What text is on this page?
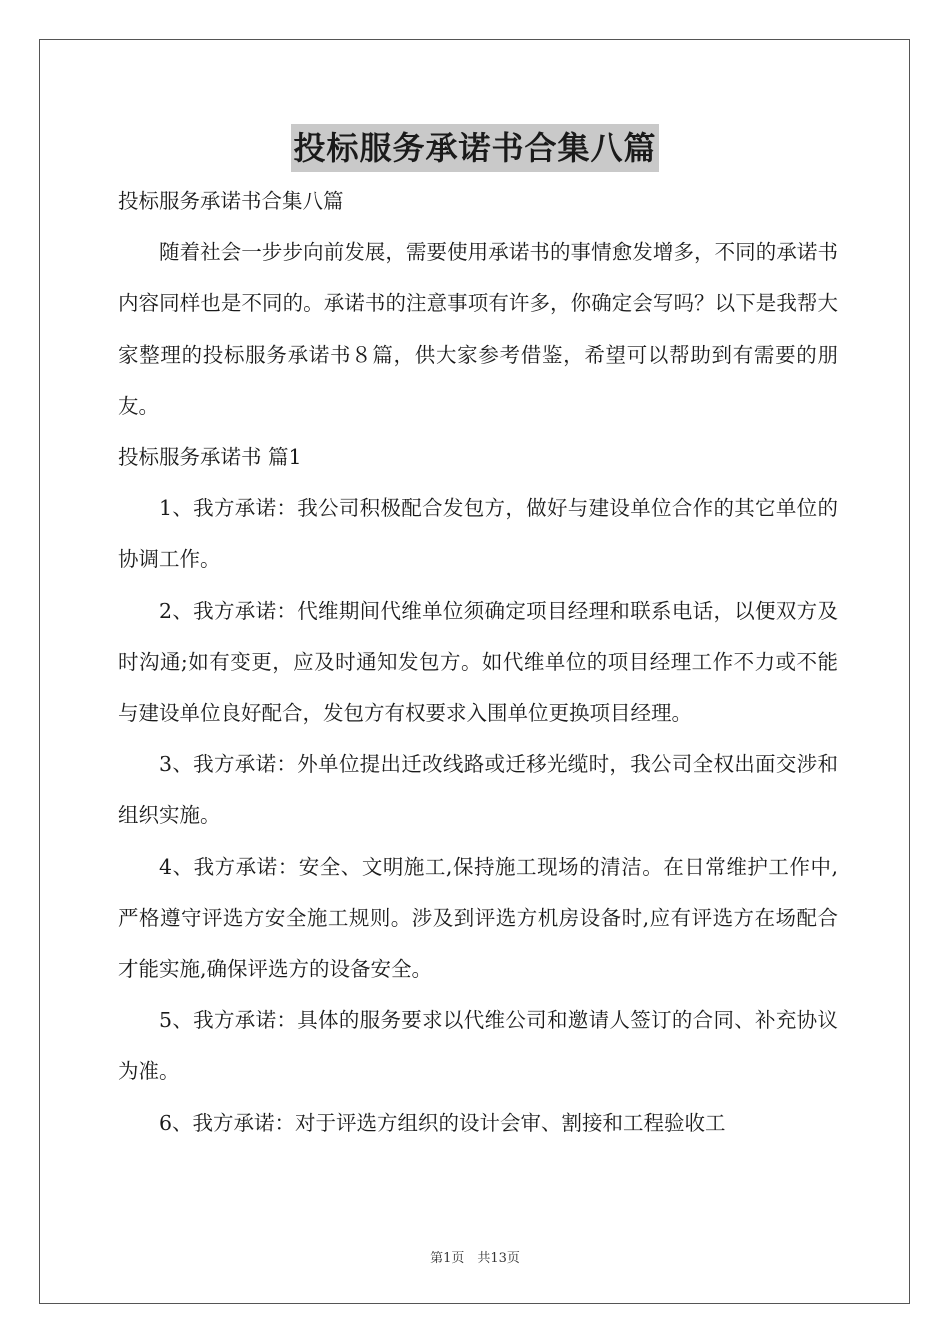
投标服务承诺书合集八篇

投标服务承诺书合集八篇

随着社会一步步向前发展，需要使用承诺书的事情愈发增多，不同的承诺书内容同样也是不同的。承诺书的注意事项有许多，你确定会写吗？以下是我帮大家整理的投标服务承诺书８篇，供大家参考借鉴，希望可以帮助到有需要的朋友。

投标服务承诺书 篇1

1、我方承诺：我公司积极配合发包方，做好与建设单位合作的其它单位的协调工作。

2、我方承诺：代维期间代维单位须确定项目经理和联系电话，以便双方及时沟通;如有变更，应及时通知发包方。如代维单位的项目经理工作不力或不能与建设单位良好配合，发包方有权要求入围单位更换项目经理。

3、我方承诺：外单位提出迁改线路或迁移光缆时，我公司全权出面交涉和组织实施。

4、我方承诺：安全、文明施工,保持施工现场的清洁。在日常维护工作中,严格遵守评选方安全施工规则。涉及到评选方机房设备时,应有评选方在场配合才能实施,确保评选方的设备安全。

5、我方承诺：具体的服务要求以代维公司和邀请人签订的合同、补充协议为准。

6、我方承诺：对于评选方组织的设计会审、割接和工程验收工

第1页　共13页
